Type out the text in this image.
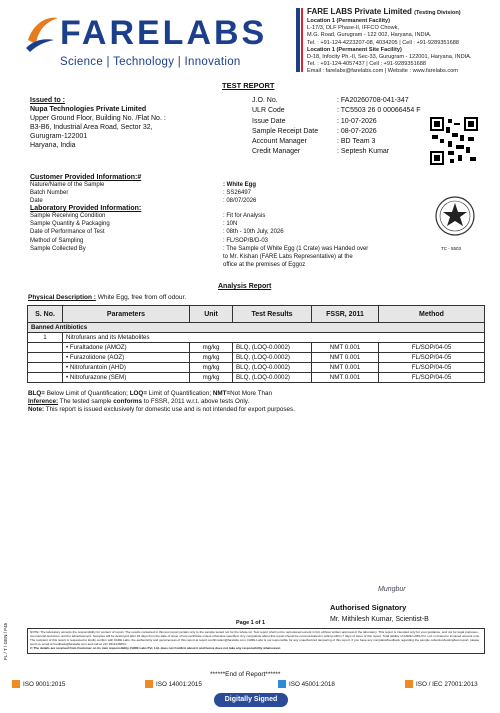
FARELABS
Science | Technology | Innovation
FARE LABS Private Limited (Testing Division)
Location 1 (Permanent Facility)
L-17/3, DLF Phase-II, IFFCO Chowk,
M.G. Road, Gurugram - 122 002, Haryana, INDIA.
Tel. : +91-124-4223207-08, 4034205 | Cell : +91-9289351688
Location 1 (Permanent Site Facility)
D-18, Infocity Ph.-II, Sec-33, Gurugram - 122001, Haryana, INDIA.
Tel. : +91-124-4057437 | Cell : +91-9289351688
Email : farelabs@farelabs.com | Website : www.farelabs.com
TEST REPORT
Issued to :
Nupa Technologies Private Limited
Upper Ground Floor, Building No. /Flat No. :
B3-B6, Industrial Area Road, Sector 32,
Gurugram-122001
Haryana, India
J.O. No.	: FA20260708-041-347
ULR Code	: TC5503 26 0 00066454 F
Issue Date	: 10-07-2026
Sample Receipt Date	: 08-07-2026
Account Manager	: BD Team 3
Credit Manager	: Septesh Kumar
Customer Provided Information:#
Nature/Name of the Sample	: White Egg
Batch Number	: SS26497
Date	: 08/07/2026
Laboratory Provided Information:
Sample Receiving Condition	: Fit for Analysis
Sample Quantity & Packaging	: 10N
Date of Performance of Test	: 08th - 10th July, 2026
Method of Sampling	: FL/SOP/B/D-03
Sample Collected By	: The Sample of White Egg (1 Crate) was Handed over
to Mr. Kishan (FARE Labs Representative) at the
office at the premises of Eggoz
TC - 5503
Analysis Report
Physical Description : White Egg, free from off odour.
S. No.	Parameters	Unit	Test Results	FSSR, 2011	Method
Banned Antibiotics					
1	Nitrofurans and its Metabolites				
	• Furaltadone (AMOZ)	mg/kg	BLQ, (LOQ-0.0002)	NMT 0.001	FL/SOP/04-05
	• Furazolidone (AOZ)	mg/kg	BLQ, (LOQ-0.0002)	NMT 0.001	FL/SOP/04-05
	• Nitrofurantoin (AHD)	mg/kg	BLQ, (LOQ-0.0002)	NMT 0.001	FL/SOP/04-05
	• Nitrofurazone (SEM)	mg/kg	BLQ, (LOQ-0.0002)	NMT 0.001	FL/SOP/04-05
BLQ= Below Limit of Quantification; LOQ= Limit of Quantification; NMT=Not More Than
Inference: The tested sample conforms to FSSR, 2011 w.r.t. above tests Only.
Note: This report is issued exclusively for domestic use and is not intended for export purposes.
Mungbur
Authorised Signatory
Mr. Mithilesh Kumar, Scientist-B
Page 1 of 1
NOTE: The laboratory accepts the responsibility for content of report. The results contained in this test report pertain only to the sample tested not for the whole lot. Test report shall not be reproduced except in full, without written approval of the laboratory. This report is intended only for your guidance, and not for legal purposes, commercial decisions, and for advertisement. Samples will be destroyed after 15 days from the date of issue of test certificate unless otherwise specified. Any complaints about this report should be communicated in writing within 7 days of issue of this report. Total liability of FARE LABS Pvt. Ltd. is limited to invoiced amount only. The recipient of this report is requested to kindly confirm with FARE Labs, the authenticity and genuineness of this report at report.confirmation@farelabs.com. FARE Labs is not responsible for any unauthorized tampering of this report. If you have any complaint/feedback regarding the sample collection/testing/test report, please send us email at feedback@farelabs.com and call at +91 9311446653.
#: The details are received from Customer on its own responsibility. FARE Labs Pvt. Ltd. does not Confirm about it and hence does not take any responsibility whatsoever.
FL / T / GEN / F45
******End of Report******
ISO 9001:2015	ISO 14001:2015	ISO 45001:2018	ISO / IEC 27001:2013
Digitally Signed
